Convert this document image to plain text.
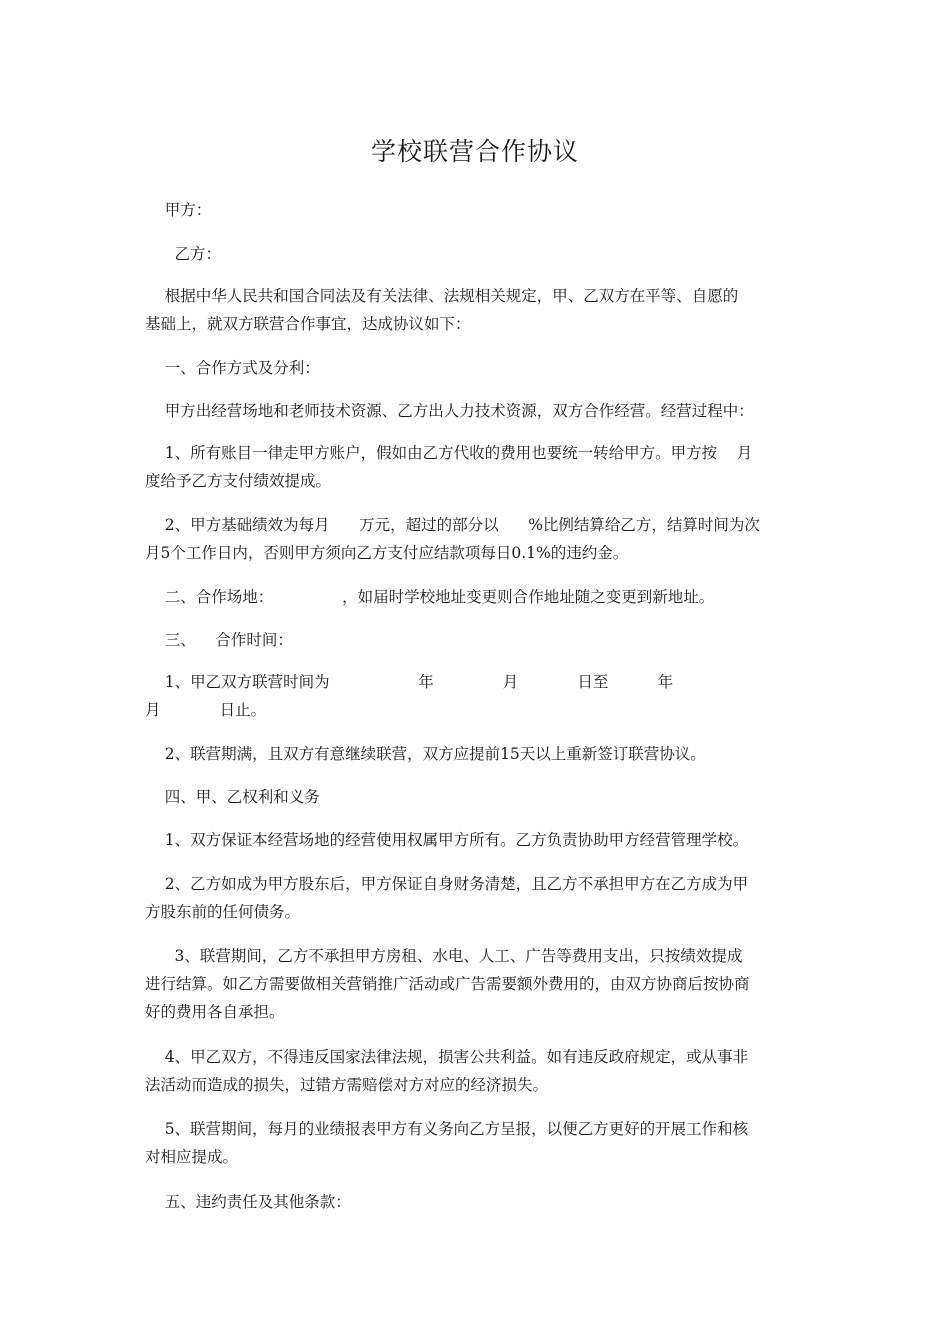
学校联营合作协议

甲方：

乙方：

根据中华人民共和国合同法及有关法律、法规相关规定，甲、乙双方在平等、自愿的
基础上，就双方联营合作事宜，达成协议如下：

一、合作方式及分利：

甲方出经营场地和老师技术资源、乙方出人力技术资源，双方合作经营。经营过程中：

1、所有账目一律走甲方账户，假如由乙方代收的费用也要统一转给甲方。甲方按    月
度给予乙方支付绩效提成。

2、甲方基础绩效为每月      万元，超过的部分以      %比例结算给乙方，结算时间为次
月5个工作日内，否则甲方须向乙方支付应结款项每日0.1%的违约金。

二、合作场地：              ，如届时学校地址变更则合作地址随之变更到新地址。

三、    合作时间：

1、甲乙双方联营时间为                  年              月            日至          年
月            日止。

2、联营期满，且双方有意继续联营，双方应提前15天以上重新签订联营协议。

四、甲、乙权利和义务

1、双方保证本经营场地的经营使用权属甲方所有。乙方负责协助甲方经营管理学校。

2、乙方如成为甲方股东后，甲方保证自身财务清楚，且乙方不承担甲方在乙方成为甲
方股东前的任何债务。

3、联营期间，乙方不承担甲方房租、水电、人工、广告等费用支出，只按绩效提成
进行结算。如乙方需要做相关营销推广活动或广告需要额外费用的，由双方协商后按协商
好的费用各自承担。

4、甲乙双方，不得违反国家法律法规，损害公共利益。如有违反政府规定，或从事非
法活动而造成的损失，过错方需赔偿对方对应的经济损失。

5、联营期间，每月的业绩报表甲方有义务向乙方呈报，以便乙方更好的开展工作和核
对相应提成。

五、违约责任及其他条款：
